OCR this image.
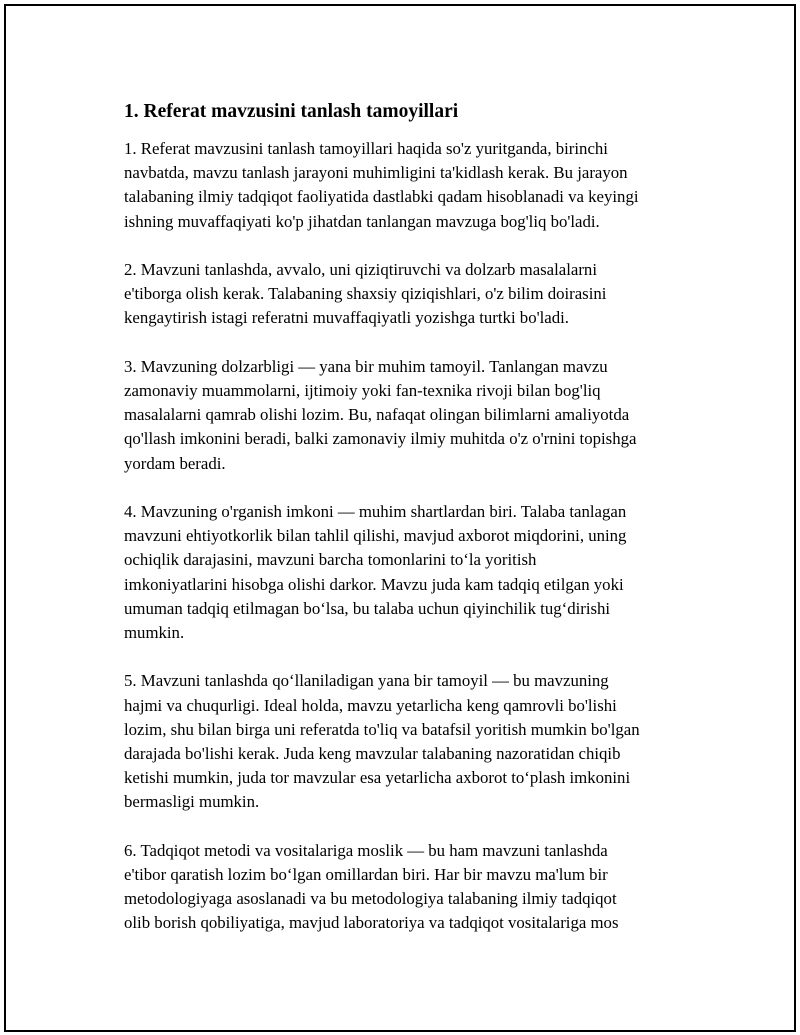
1. Referat mavzusini tanlash tamoyillari

1. Referat mavzusini tanlash tamoyillari haqida so'z yuritganda, birinchi
navbatda, mavzu tanlash jarayoni muhimligini ta'kidlash kerak. Bu jarayon
talabaning ilmiy tadqiqot faoliyatida dastlabki qadam hisoblanadi va keyingi
ishning muvaffaqiyati ko'p jihatdan tanlangan mavzuga bog'liq bo'ladi.

2. Mavzuni tanlashda, avvalo, uni qiziqtiruvchi va dolzarb masalalarni
e'tiborga olish kerak. Talabaning shaxsiy qiziqishlari, o'z bilim doirasini
kengaytirish istagi referatni muvaffaqiyatli yozishga turtki bo'ladi.

3. Mavzuning dolzarbligi — yana bir muhim tamoyil. Tanlangan mavzu
zamonaviy muammolarni, ijtimoiy yoki fan-texnika rivoji bilan bog'liq
masalalarni qamrab olishi lozim. Bu, nafaqat olingan bilimlarni amaliyotda
qo'llash imkonini beradi, balki zamonaviy ilmiy muhitda o'z o'rnini topishga
yordam beradi.

4. Mavzuning o'rganish imkoni — muhim shartlardan biri. Talaba tanlagan
mavzuni ehtiyotkorlik bilan tahlil qilishi, mavjud axborot miqdorini, uning
ochiqlik darajasini, mavzuni barcha tomonlarini to‘la yoritish
imkoniyatlarini hisobga olishi darkor. Mavzu juda kam tadqiq etilgan yoki
umuman tadqiq etilmagan bo‘lsa, bu talaba uchun qiyinchilik tug‘dirishi
mumkin.

5. Mavzuni tanlashda qo‘llaniladigan yana bir tamoyil — bu mavzuning
hajmi va chuqurligi. Ideal holda, mavzu yetarlicha keng qamrovli bo'lishi
lozim, shu bilan birga uni referatda to'liq va batafsil yoritish mumkin bo'lgan
darajada bo'lishi kerak. Juda keng mavzular talabaning nazoratidan chiqib
ketishi mumkin, juda tor mavzular esa yetarlicha axborot to‘plash imkonini
bermasligi mumkin.

6. Tadqiqot metodi va vositalariga moslik — bu ham mavzuni tanlashda
e'tibor qaratish lozim bo‘lgan omillardan biri. Har bir mavzu ma'lum bir
metodologiyaga asoslanadi va bu metodologiya talabaning ilmiy tadqiqot
olib borish qobiliyatiga, mavjud laboratoriya va tadqiqot vositalariga mos
